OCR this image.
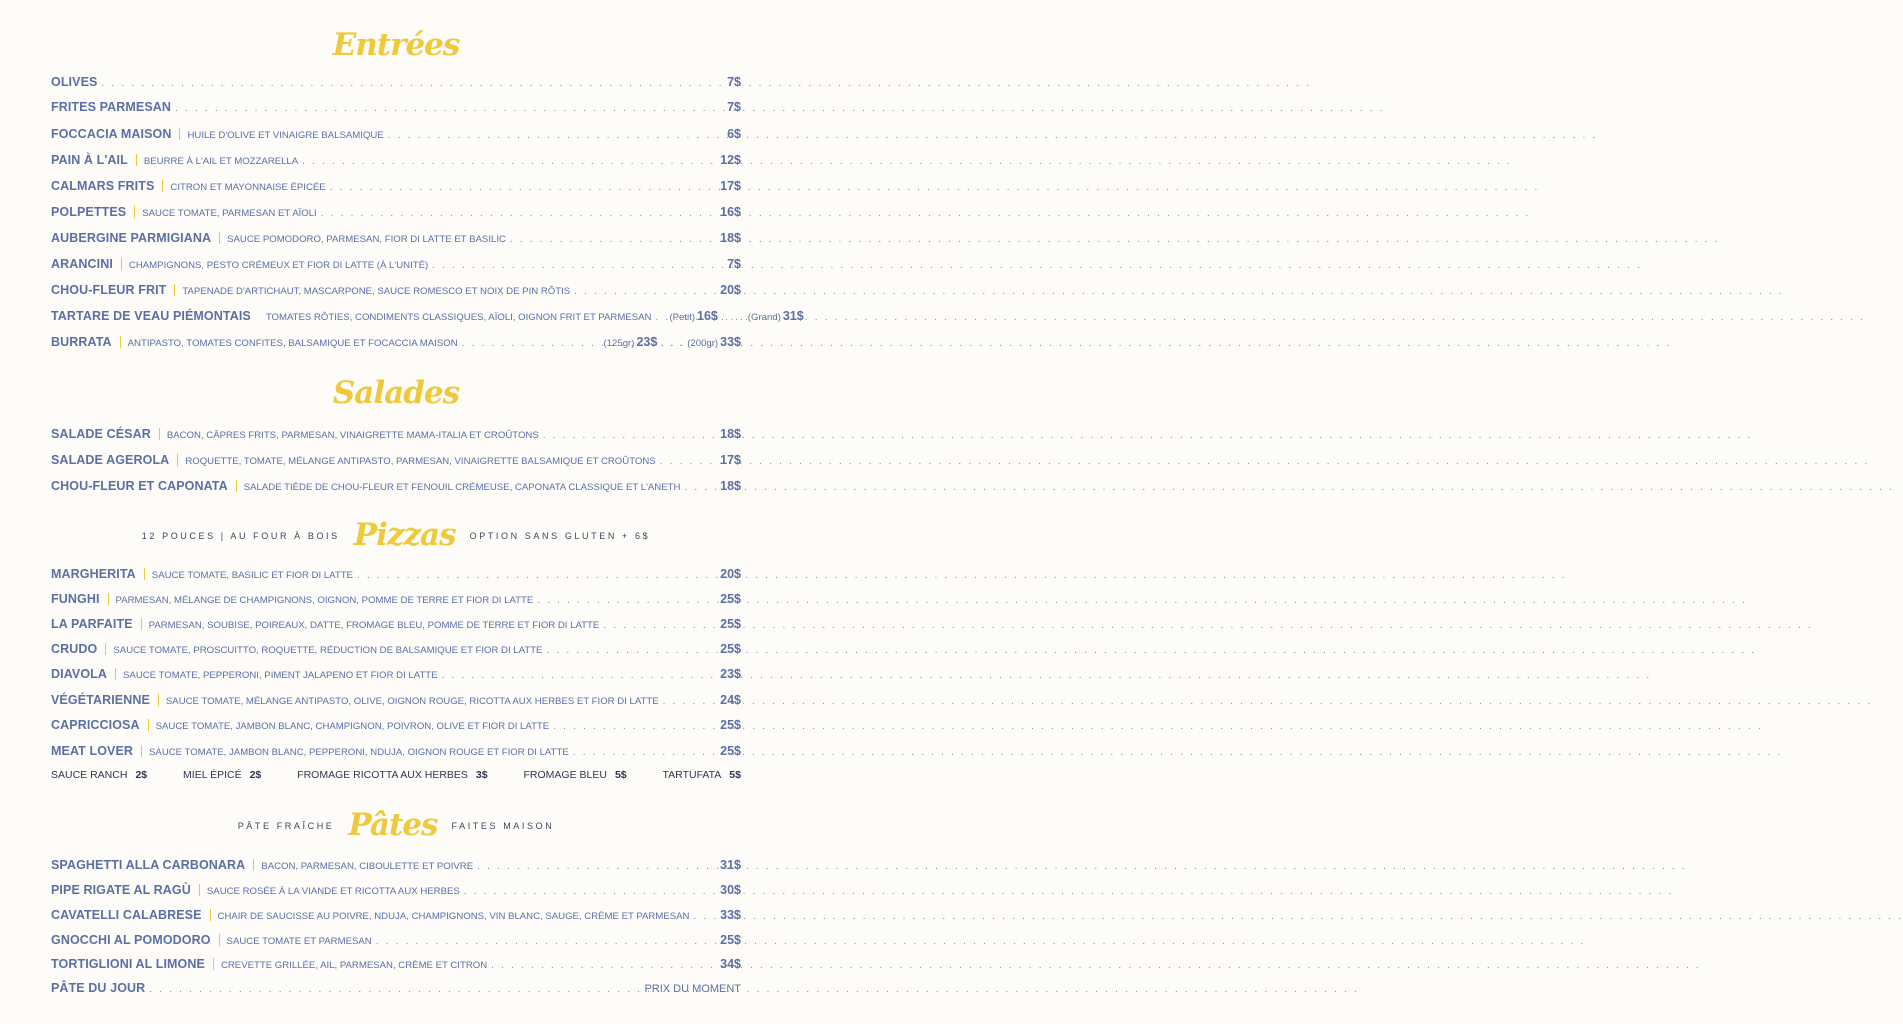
Entrées
OLIVES . . .	7$
FRITES PARMESAN . . .	7$
FOCCACIA MAISON HUILE D'OLIVE ET VINAIGRE BALSAMIQUE . . .	6$
PAIN À L'AIL BEURRE À L'AIL ET MOZZARELLA . . .	12$
CALMARS FRITS CITRON ET MAYONNAISE ÉPICÉE . . .	17$
POLPETTES SAUCE TOMATE, PARMESAN ET AÏOLI . . .	16$
AUBERGINE PARMIGIANA SAUCE POMODORO, PARMESAN, FIOR DI LATTE ET BASILIC . . .	18$
ARANCINI CHAMPIGNONS, PESTO CRÉMEUX ET FIOR DI LATTE (À L'UNITÉ) . . .	7$
CHOU-FLEUR FRIT TAPENADE D'ARTICHAUT, MASCARPONE, SAUCE ROMESCO ET NOIX DE PIN RÔTIS . . .	20$
TARTARE DE VEAU PIÉMONTAIS TOMATES RÔTIES, CONDIMENTS CLASSIQUES, AÏOLI, OIGNON FRIT ET PARMESAN . . . (Petit) 16$ . . . (Grand) 31$
BURRATA ANTIPASTO, TOMATES CONFITES, BALSAMIQUE ET FOCACCIA MAISON . . .	(125gr) 23$ . . . (200gr) 33$
Salades
SALADE CÉSAR BACON, CÂPRES FRITS, PARMESAN, VINAIGRETTE MAMA-ITALIA ET CROÛTONS . . .	18$
SALADE AGEROLA ROQUETTE, TOMATE, MÉLANGE ANTIPASTO, PARMESAN, VINAIGRETTE BALSAMIQUE ET CROÛTONS . . .	17$
CHOU-FLEUR ET CAPONATA SALADE TIÈDE DE CHOU-FLEUR ET FENOUIL CRÉMEUSE, CAPONATA CLASSIQUE ET L'ANETH . . .	18$
12 POUCES | AU FOUR À BOIS Pizzas OPTION SANS GLUTEN + 6$
MARGHERITA SAUCE TOMATE, BASILIC ET FIOR DI LATTE . . .	20$
FUNGHI PARMESAN, MÉLANGE DE CHAMPIGNONS, OIGNON, POMME DE TERRE ET FIOR DI LATTE . . .	25$
LA PARFAITE PARMESAN, SOUBISE, POIREAUX, DATTE, FROMAGE BLEU, POMME DE TERRE ET FIOR DI LATTE . . .	25$
CRUDO SAUCE TOMATE, PROSCUITTO, ROQUETTE, RÉDUCTION DE BALSAMIQUE ET FIOR DI LATTE . . .	25$
DIAVOLA SAUCE TOMATE, PEPPERONI, PIMENT JALAPENO ET FIOR DI LATTE . . .	23$
VÉGÉTARIENNE SAUCE TOMATE, MÉLANGE ANTIPASTO, OLIVE, OIGNON ROUGE, RICOTTA AUX HERBES ET FIOR DI LATTE . . .	24$
CAPRICCIOSA SAUCE TOMATE, JAMBON BLANC, CHAMPIGNON, POIVRON, OLIVE ET FIOR DI LATTE . . .	25$
MEAT LOVER SAUCE TOMATE, JAMBON BLANC, PEPPERONI, NDUJA, OIGNON ROUGE ET FIOR DI LATTE . . .	25$
SAUCE RANCH 2$	MIEL ÉPICÉ 2$	FROMAGE RICOTTA AUX HERBES 3$	FROMAGE BLEU 5$	TARTUFATA 5$
PÂTE FRAÎCHE Pâtes FAITES MAISON
SPAGHETTI ALLA CARBONARA BACON, PARMESAN, CIBOULETTE ET POIVRE . . .	31$
PIPE RIGATE AL RAGÙ SAUCE ROSÉE À LA VIANDE ET RICOTTA AUX HERBES . . .	30$
CAVATELLI CALABRESE CHAIR DE SAUCISSE AU POIVRE, NDUJA, CHAMPIGNONS, VIN BLANC, SAUGE, CRÈME ET PARMESAN . . . 33$
GNOCCHI AL POMODORO SAUCE TOMATE ET PARMESAN . . .	25$
TORTIGLIONI AL LIMONE CREVETTE GRILLÉE, AIL, PARMESAN, CRÈME ET CITRON . . .	34$
PÂTE DU JOUR . . .	PRIX DU MOMENT
